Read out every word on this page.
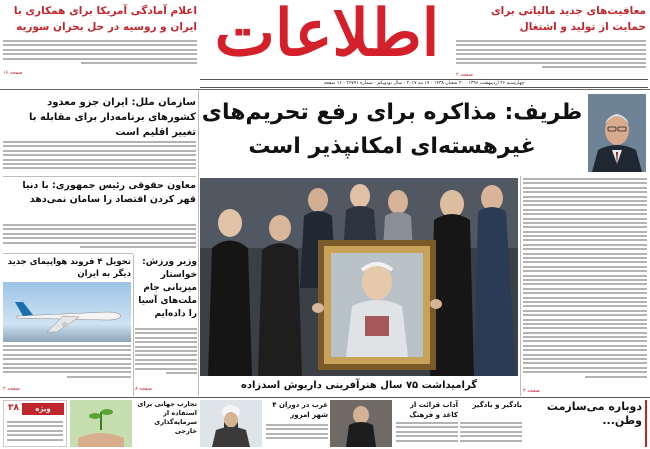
اطلاعات
چهارشنبه ۲۶ اردیبهشت ۱۳۹۶ - ۲۰ شعبان ۱۴۳۸ - ۱۷ مه ۲۰۱۷ - سال نودویکم - شماره ۲۶۷۷۱ - ۱۶ صفحه
اعلام آمادگی آمریکا برای همکاری با ایران و روسیه در حل بحران سوریه
صفحه ۱۶
معافیت‌های جدید مالیاتی برای حمایت از تولید و اشتغال
صفحه ۲
ظریف: مذاکره برای رفع تحریم‌های غیرهسته‌ای امکانپذیر است
صفحه ۳
گرامیداشت ۷۵ سال هنرآفرینی داریوش اسدزاده
سازمان ملل: ایران جزو معدود کشورهای برنامه‌دار برای مقابله با تغییر اقلیم است
معاون حقوقی رئیس جمهوری: با دنیا قهر کردن اقتصاد را سامان نمی‌دهد
تحویل ۴ فروند هواپیمای جدید دیگر به ایران
صفحه ۲
وزیر ورزش: خواستار میزبانی جام ملت‌های آسیا را داده‌ایم
صفحه ۸
دوباره می‌سازمت وطن...
بادگیر و بادگیر
آداب قرائت از کاغذ و فرهنگ
غرب در دوران ۴ شهر امروز
تجارب جهانی برای استفاده از سرمایه‌گذاری خارجی
ویژه
۳۸
